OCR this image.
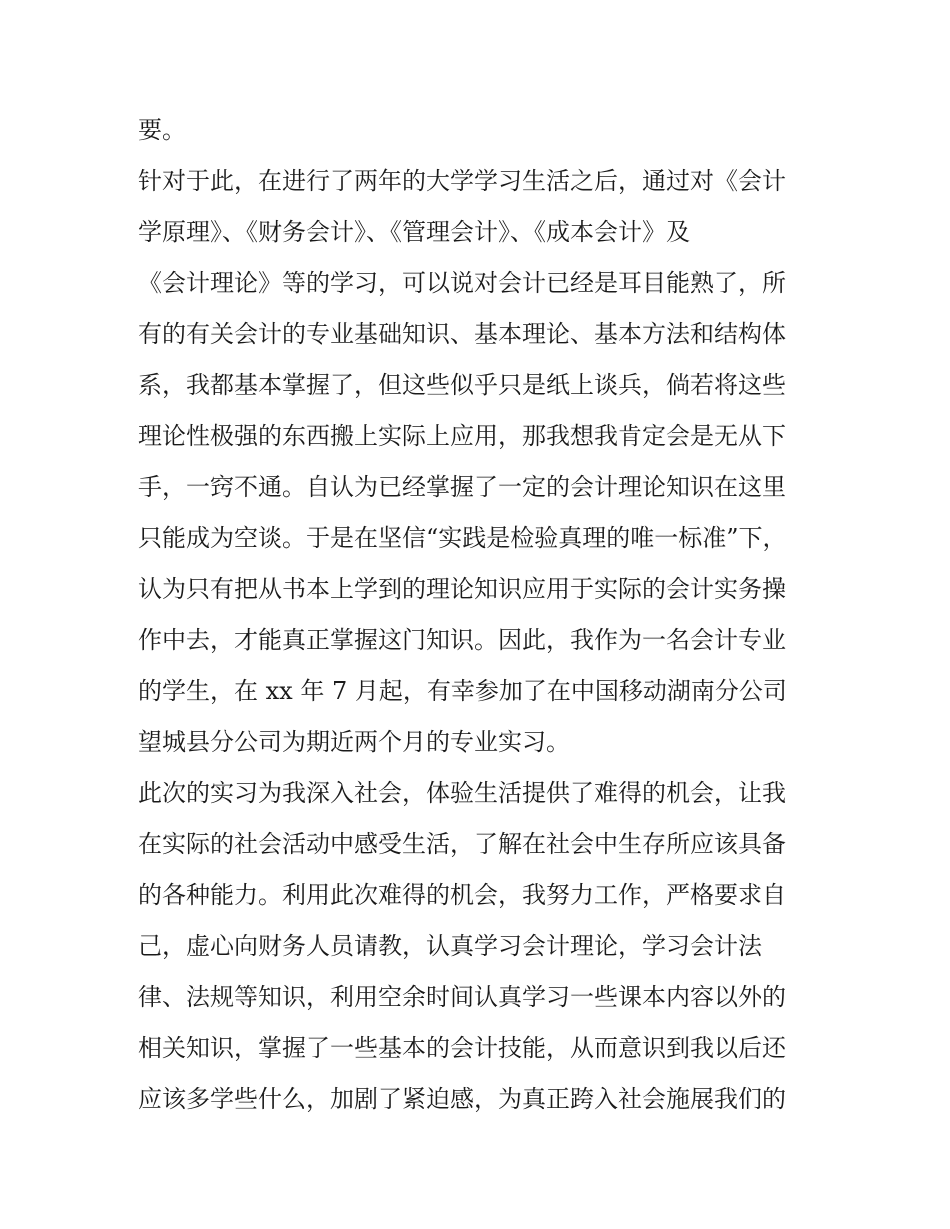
要。
针对于此，在进行了两年的大学学习生活之后，通过对《会计
学原理》、《财务会计》、《管理会计》、《成本会计》及
《会计理论》等的学习，可以说对会计已经是耳目能熟了，所
有的有关会计的专业基础知识、基本理论、基本方法和结构体
系，我都基本掌握了，但这些似乎只是纸上谈兵，倘若将这些
理论性极强的东西搬上实际上应用，那我想我肯定会是无从下
手，一窍不通。自认为已经掌握了一定的会计理论知识在这里
只能成为空谈。于是在坚信“实践是检验真理的唯一标准”下，
认为只有把从书本上学到的理论知识应用于实际的会计实务操
作中去，才能真正掌握这门知识。因此，我作为一名会计专业
的学生，在 xx 年 7 月起，有幸参加了在中国移动湖南分公司
望城县分公司为期近两个月的专业实习。
此次的实习为我深入社会，体验生活提供了难得的机会，让我
在实际的社会活动中感受生活，了解在社会中生存所应该具备
的各种能力。利用此次难得的机会，我努力工作，严格要求自
己，虚心向财务人员请教，认真学习会计理论，学习会计法
律、法规等知识，利用空余时间认真学习一些课本内容以外的
相关知识，掌握了一些基本的会计技能，从而意识到我以后还
应该多学些什么，加剧了紧迫感，为真正跨入社会施展我们的
